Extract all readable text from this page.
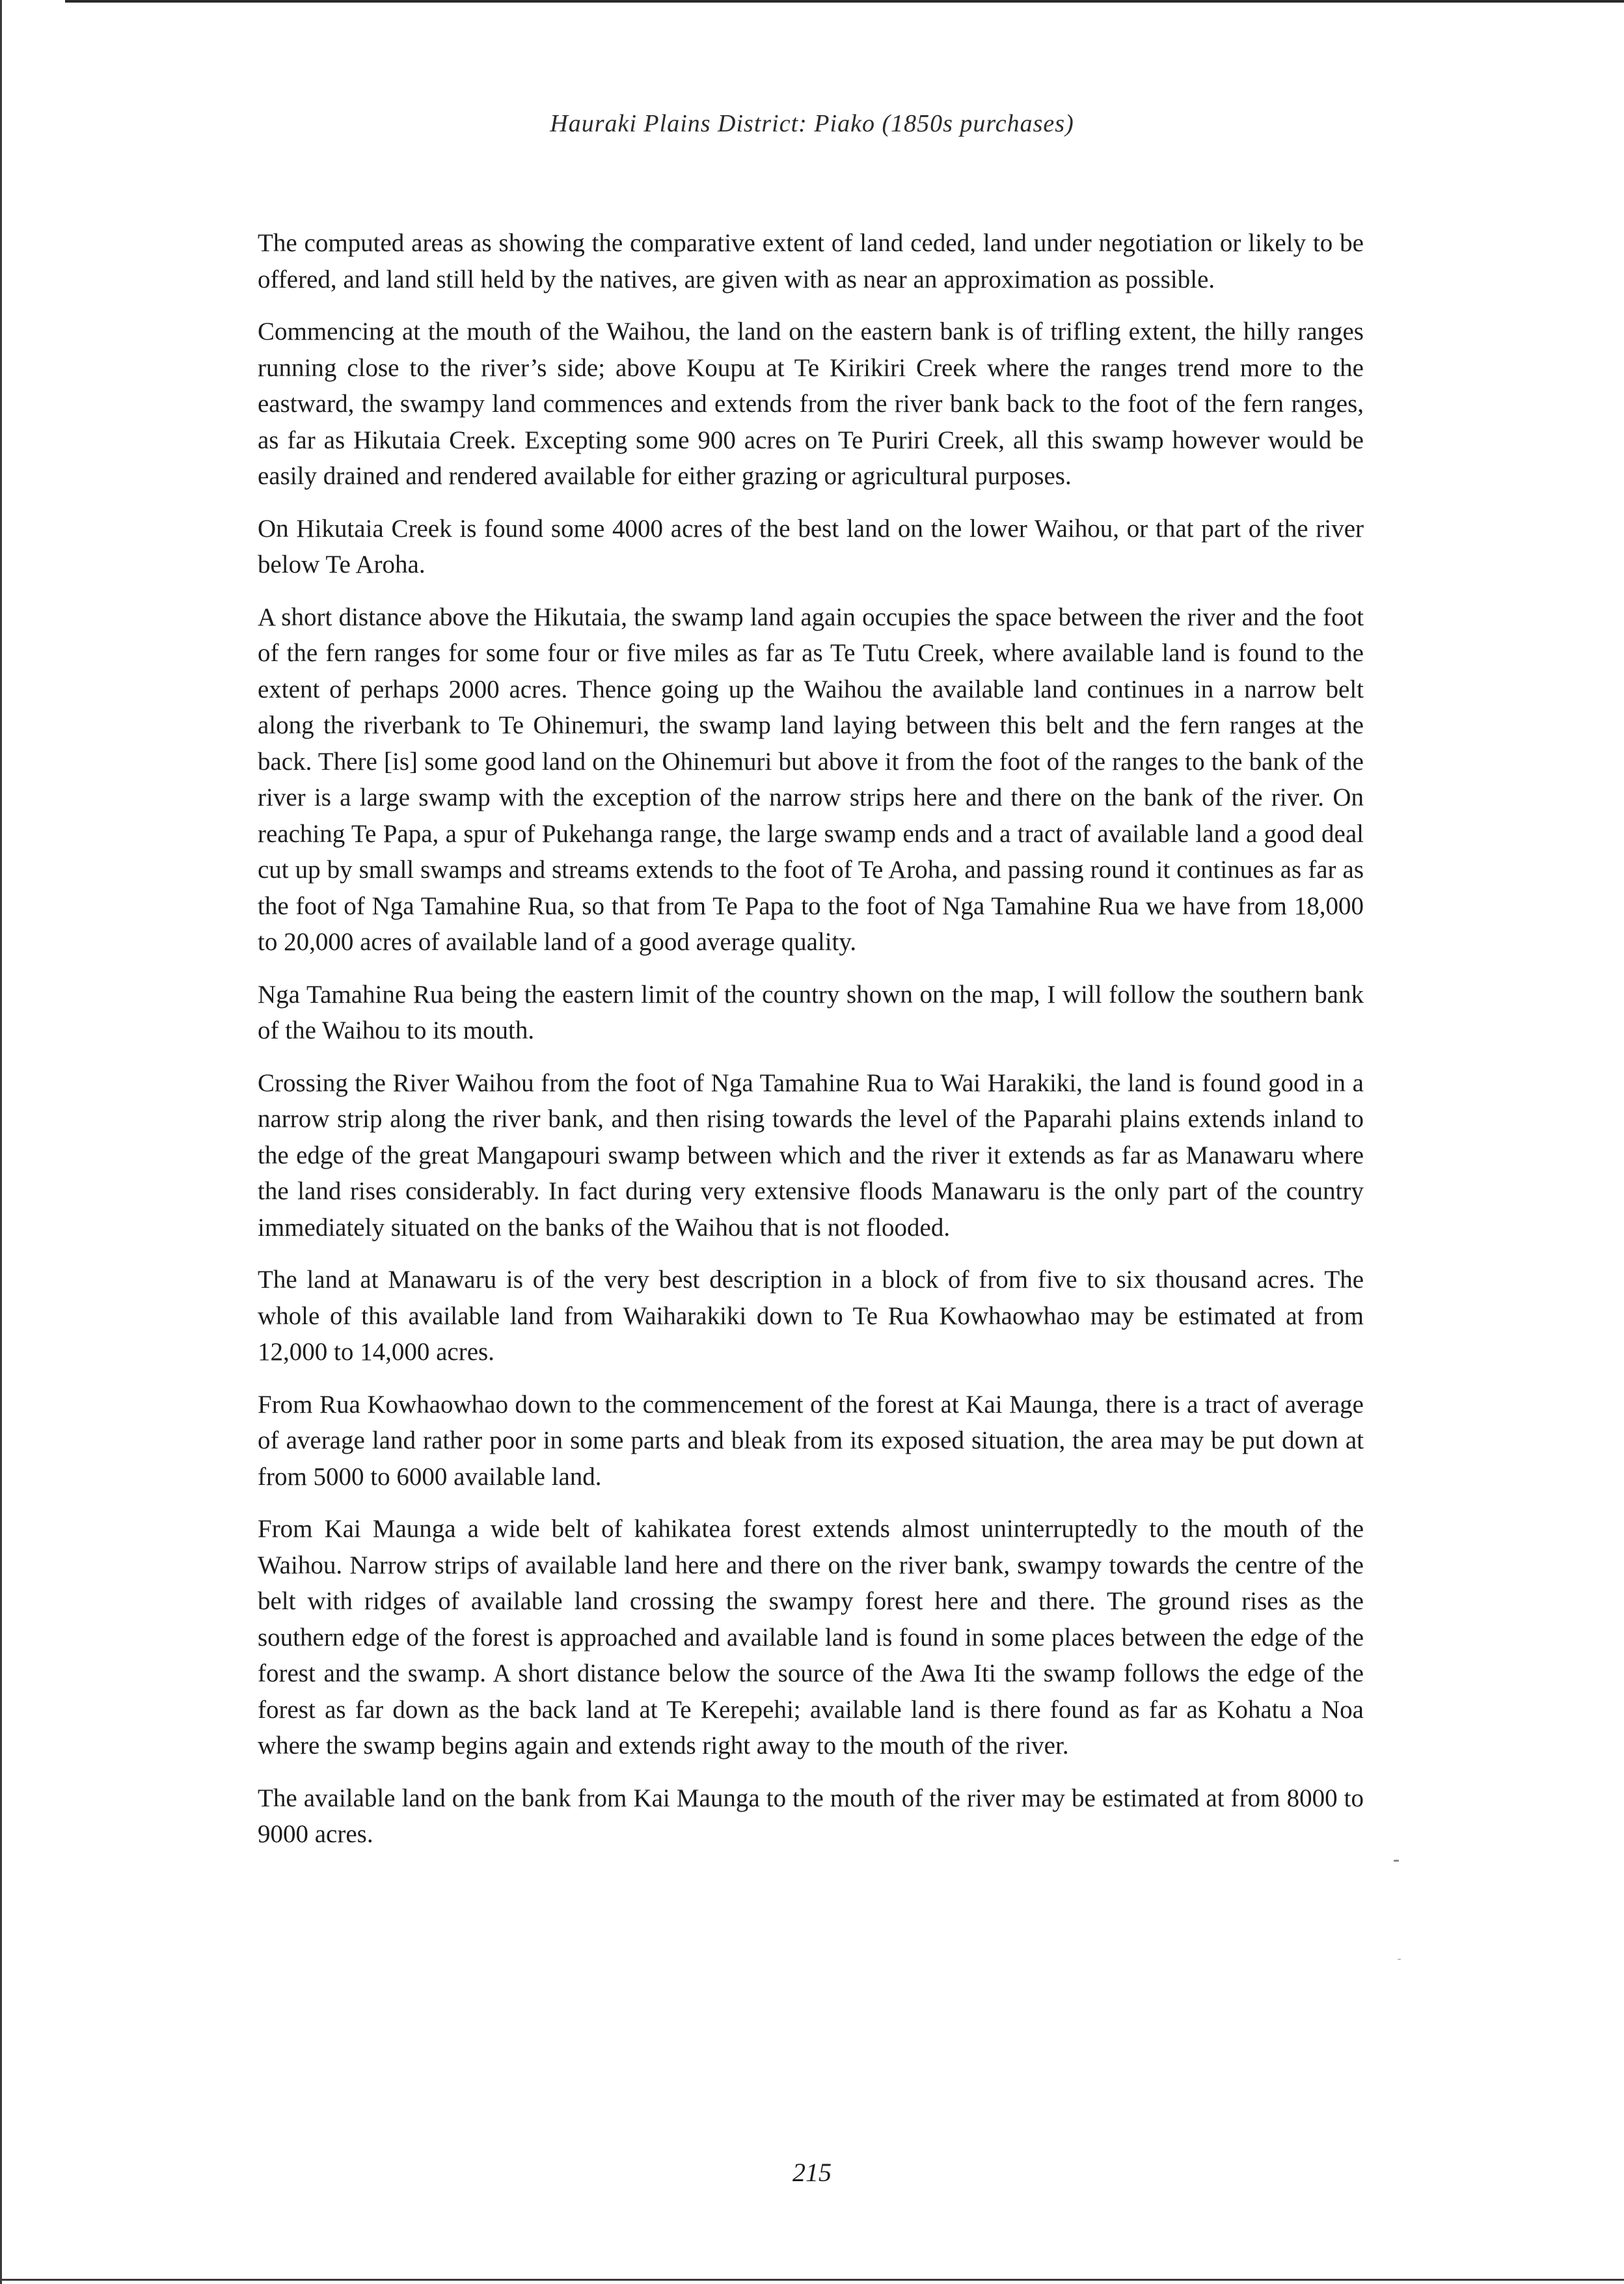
Hauraki Plains District: Piako (1850s purchases)

The computed areas as showing the comparative extent of land ceded, land under negotiation or likely to be offered, and land still held by the natives, are given with as near an approximation as possible.

Commencing at the mouth of the Waihou, the land on the eastern bank is of trifling extent, the hilly ranges running close to the river’s side; above Koupu at Te Kirikiri Creek where the ranges trend more to the eastward, the swampy land commences and extends from the river bank back to the foot of the fern ranges, as far as Hikutaia Creek. Excepting some 900 acres on Te Puriri Creek, all this swamp however would be easily drained and rendered available for either grazing or agricultural purposes.

On Hikutaia Creek is found some 4000 acres of the best land on the lower Waihou, or that part of the river below Te Aroha.

A short distance above the Hikutaia, the swamp land again occupies the space between the river and the foot of the fern ranges for some four or five miles as far as Te Tutu Creek, where available land is found to the extent of perhaps 2000 acres. Thence going up the Waihou the available land continues in a narrow belt along the riverbank to Te Ohinemuri, the swamp land laying between this belt and the fern ranges at the back. There [is] some good land on the Ohinemuri but above it from the foot of the ranges to the bank of the river is a large swamp with the exception of the narrow strips here and there on the bank of the river. On reaching Te Papa, a spur of Pukehanga range, the large swamp ends and a tract of available land a good deal cut up by small swamps and streams extends to the foot of Te Aroha, and passing round it continues as far as the foot of Nga Tamahine Rua, so that from Te Papa to the foot of Nga Tamahine Rua we have from 18,000 to 20,000 acres of available land of a good average quality.

Nga Tamahine Rua being the eastern limit of the country shown on the map, I will follow the southern bank of the Waihou to its mouth.

Crossing the River Waihou from the foot of Nga Tamahine Rua to Wai Harakiki, the land is found good in a narrow strip along the river bank, and then rising towards the level of the Paparahi plains extends inland to the edge of the great Mangapouri swamp between which and the river it extends as far as Manawaru where the land rises considerably. In fact during very extensive floods Manawaru is the only part of the country immediately situated on the banks of the Waihou that is not flooded.

The land at Manawaru is of the very best description in a block of from five to six thousand acres. The whole of this available land from Waiharakiki down to Te Rua Kowhaowhao may be estimated at from 12,000 to 14,000 acres.

From Rua Kowhaowhao down to the commencement of the forest at Kai Maunga, there is a tract of average of average land rather poor in some parts and bleak from its exposed situation, the area may be put down at from 5000 to 6000 available land.

From Kai Maunga a wide belt of kahikatea forest extends almost uninterruptedly to the mouth of the Waihou. Narrow strips of available land here and there on the river bank, swampy towards the centre of the belt with ridges of available land crossing the swampy forest here and there. The ground rises as the southern edge of the forest is approached and available land is found in some places between the edge of the forest and the swamp. A short distance below the source of the Awa Iti the swamp follows the edge of the forest as far down as the back land at Te Kerepehi; available land is there found as far as Kohatu a Noa where the swamp begins again and extends right away to the mouth of the river.

The available land on the bank from Kai Maunga to the mouth of the river may be estimated at from 8000 to 9000 acres.

215
